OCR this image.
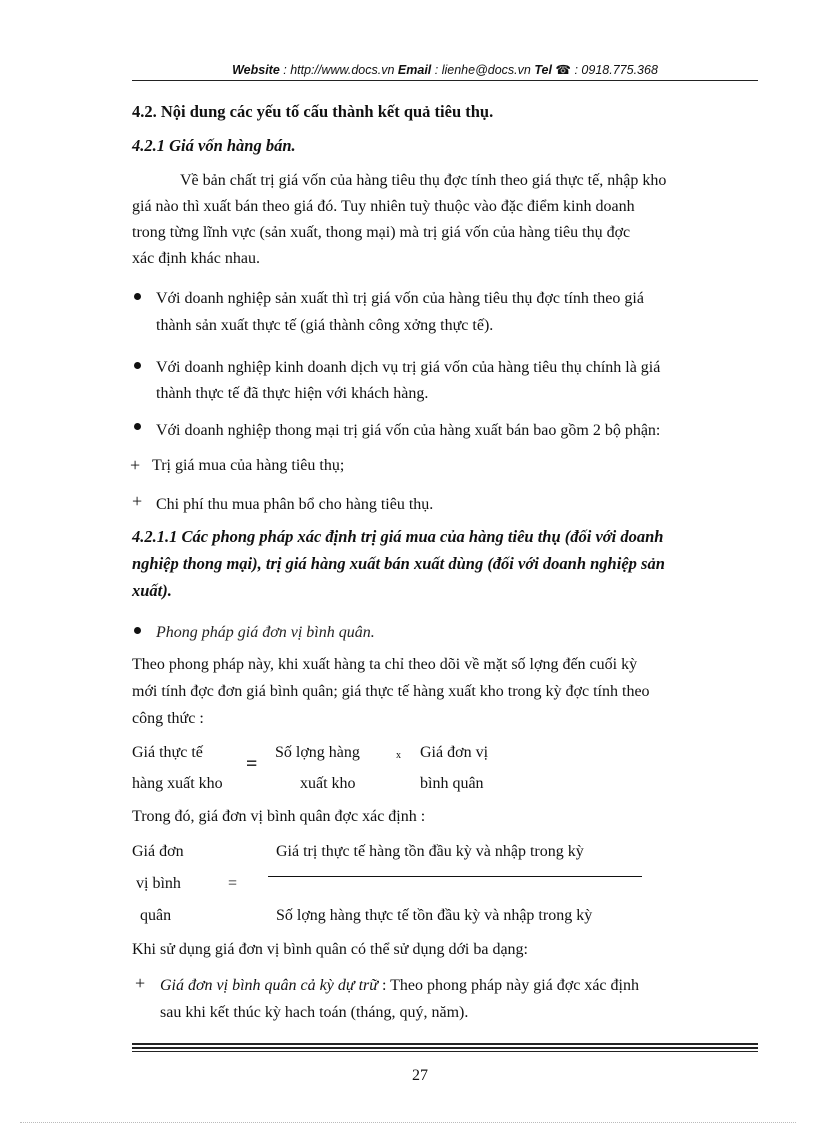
Website : http://www.docs.vn Email : lienhe@docs.vn Tel ☎ : 0918.775.368
4.2. Nội dung các yếu tố cấu thành kết quả tiêu thụ.
4.2.1 Giá vốn hàng bán.
Về bản chất trị giá vốn của hàng tiêu thụ đợc tính theo giá thực tế, nhập kho
giá nào thì xuất bán theo giá đó. Tuy nhiên tuỳ thuộc vào đặc điểm kinh doanh
trong từng lĩnh vực (sản xuất, thong mại) mà trị giá vốn của hàng tiêu thụ đợc
xác định khác nhau.
Với doanh nghiệp sản xuất thì trị giá vốn của hàng tiêu thụ đợc tính theo giá
thành sản xuất thực tế (giá thành công xởng thực tế).
Với doanh nghiệp kinh doanh dịch vụ trị giá vốn của hàng tiêu thụ chính là giá
thành thực tế đã thực hiện với khách hàng.
Với doanh nghiệp thong mại trị giá vốn của hàng xuất bán bao gồm 2 bộ phận:
+ Trị giá mua của hàng tiêu thụ;
+ Chi phí thu mua phân bổ cho hàng tiêu thụ.
4.2.1.1 Các phong pháp xác định trị giá mua của hàng tiêu thụ (đối với doanh
nghiệp thong mại), trị giá hàng xuất bán xuất dùng (đối với doanh nghiệp sản
xuất).
Phong pháp giá đơn vị bình quân.
Theo phong pháp này, khi xuất hàng ta chỉ theo dõi về mặt số lợng đến cuối kỳ
mới tính đợc đơn giá bình quân; giá thực tế hàng xuất kho trong kỳ đợc tính theo
công thức :
Giá thực tế
hàng xuất kho
=
Số lợng hàng
xuất kho
x Giá đơn vị
bình quân
Trong đó, giá đơn vị bình quân đợc xác định :
Giá đơn
vị bình
quân
=
Giá trị thực tế hàng tồn đầu kỳ và nhập trong kỳ
Số lợng hàng thực tế tồn đầu kỳ và nhập trong kỳ
Khi sử dụng giá đơn vị bình quân có thể sử dụng dới ba dạng:
+ Giá đơn vị bình quân cả kỳ dự trữ : Theo phong pháp này giá đợc xác định
sau khi kết thúc kỳ hach toán (tháng, quý, năm).
27
